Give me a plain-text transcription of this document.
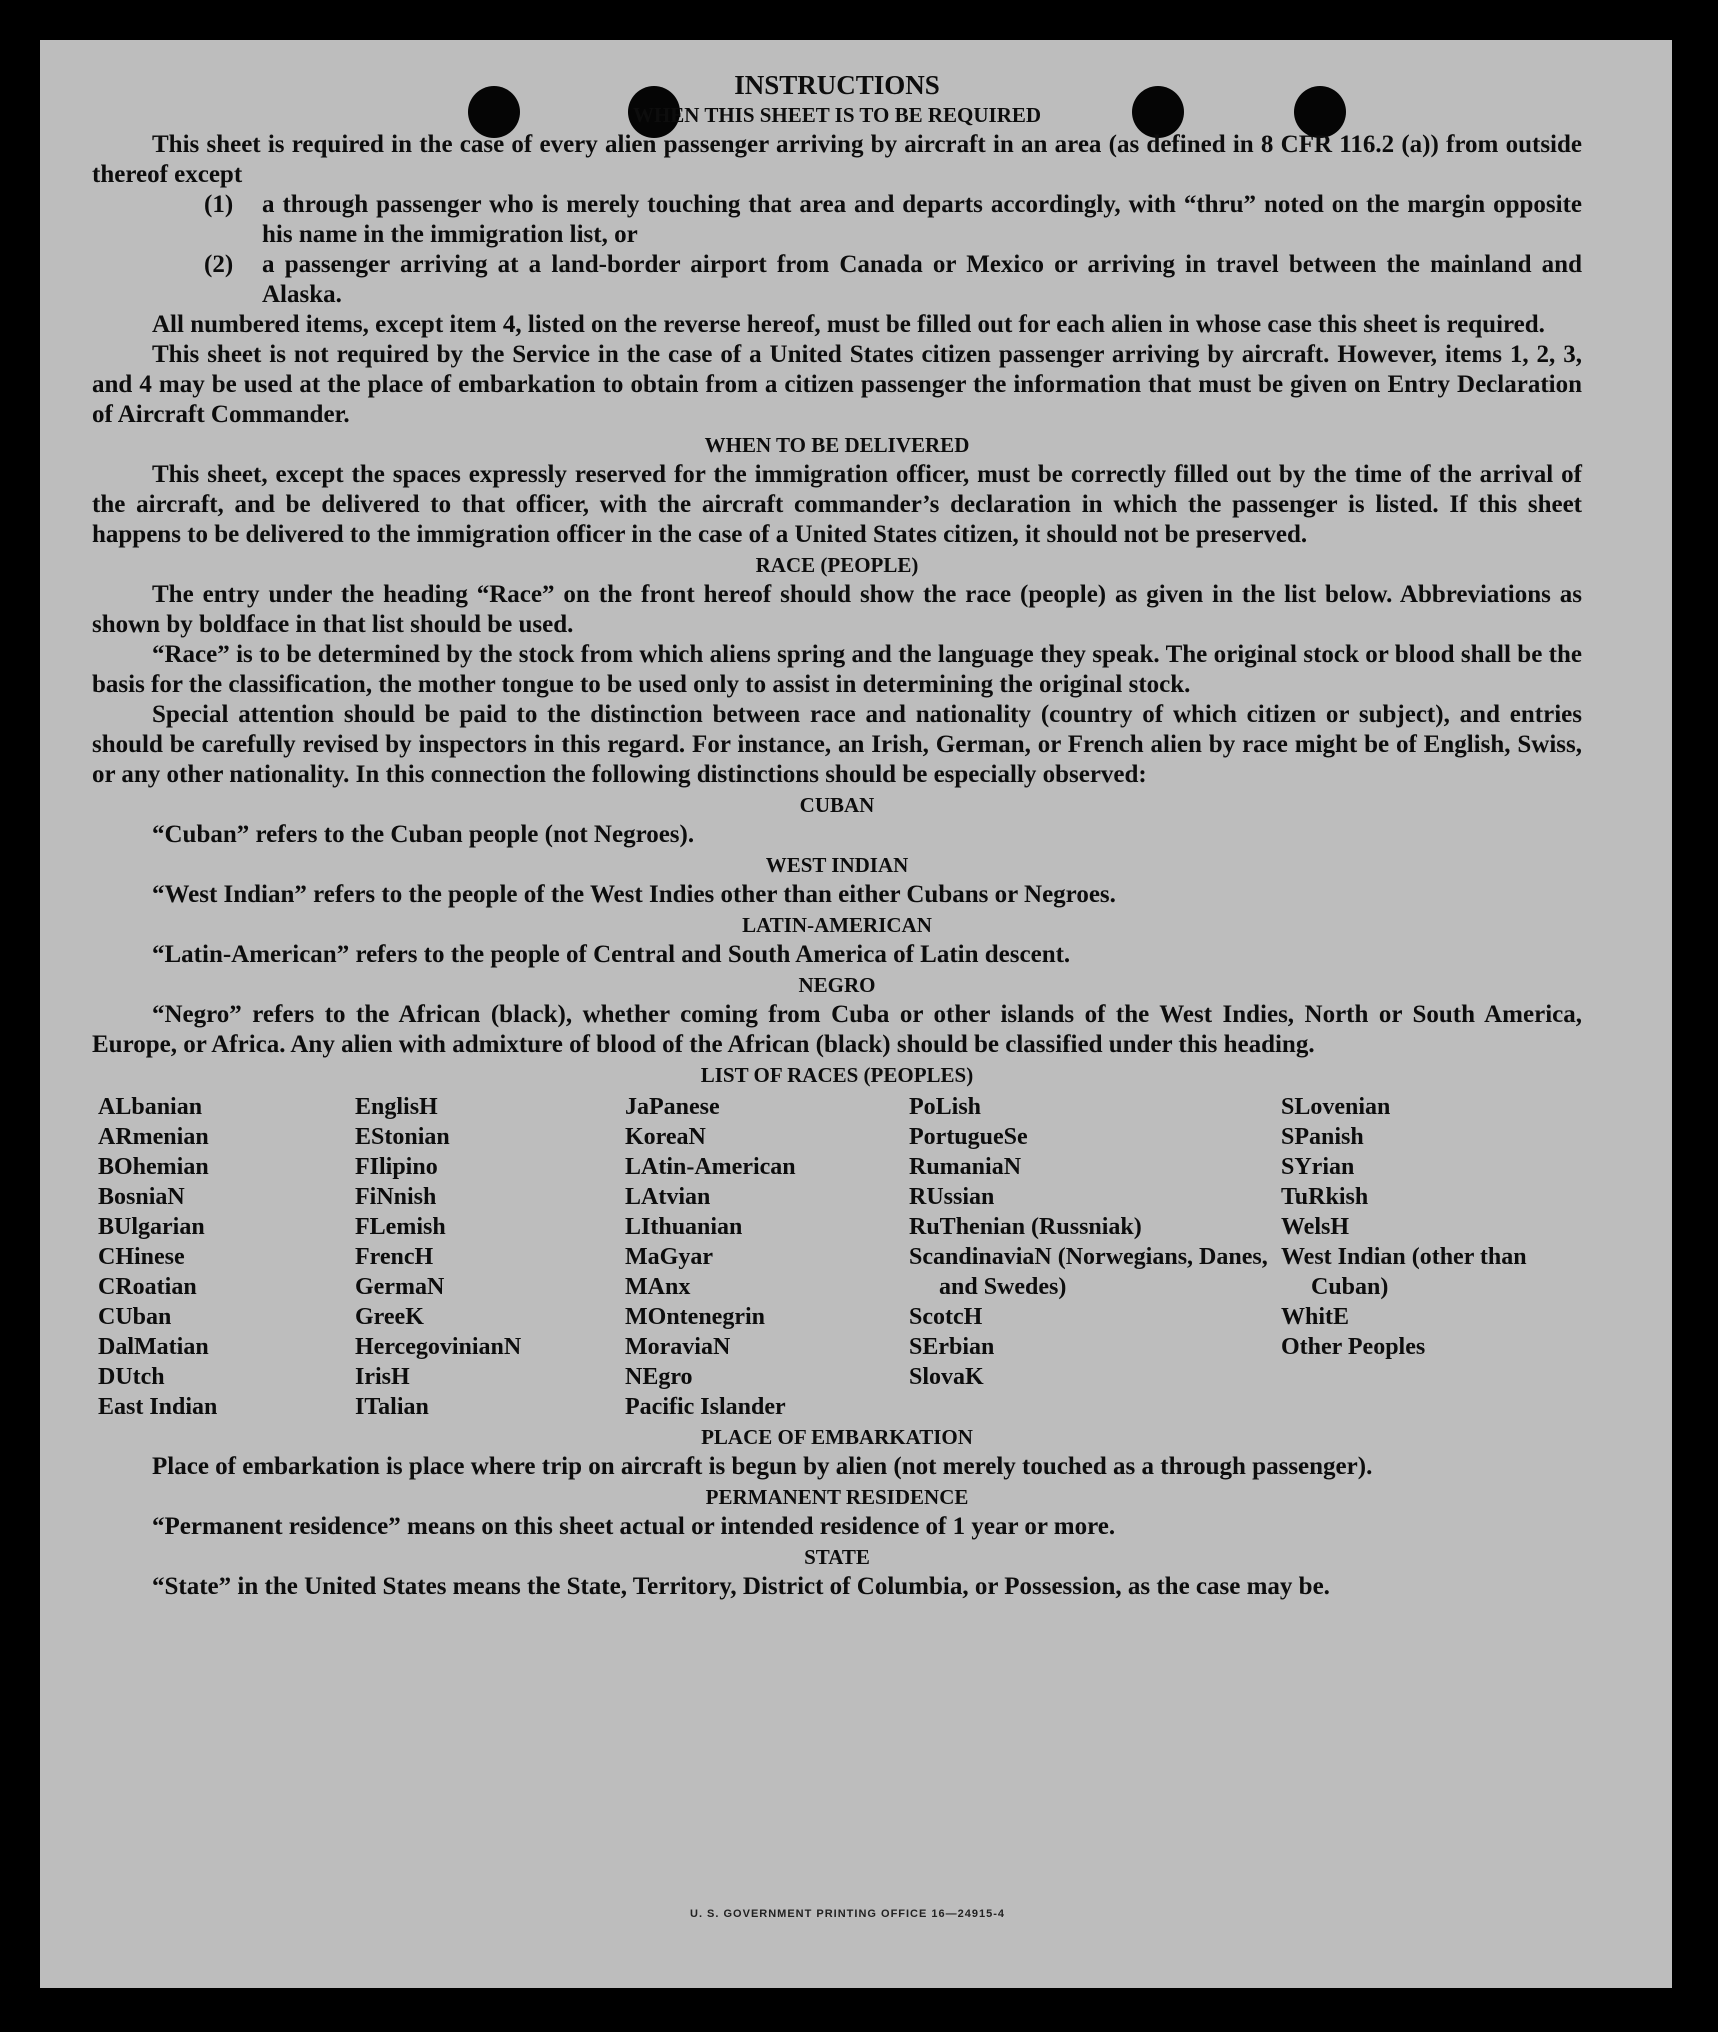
INSTRUCTIONS
WHEN THIS SHEET IS TO BE REQUIRED

This sheet is required in the case of every alien passenger arriving by aircraft in an area (as defined in 8 CFR 116.2 (a)) from outside thereof except

(1) a through passenger who is merely touching that area and departs accordingly, with “thru” noted on the margin opposite his name in the immigration list, or

(2) a passenger arriving at a land-border airport from Canada or Mexico or arriving in travel between the mainland and Alaska.

All numbered items, except item 4, listed on the reverse hereof, must be filled out for each alien in whose case this sheet is required.

This sheet is not required by the Service in the case of a United States citizen passenger arriving by aircraft. However, items 1, 2, 3, and 4 may be used at the place of embarkation to obtain from a citizen passenger the information that must be given on Entry Declaration of Aircraft Commander.

WHEN TO BE DELIVERED

This sheet, except the spaces expressly reserved for the immigration officer, must be correctly filled out by the time of the arrival of the aircraft, and be delivered to that officer, with the aircraft commander’s declaration in which the passenger is listed. If this sheet happens to be delivered to the immigration officer in the case of a United States citizen, it should not be preserved.

RACE (PEOPLE)

The entry under the heading “Race” on the front hereof should show the race (people) as given in the list below. Abbreviations as shown by boldface in that list should be used.

“Race” is to be determined by the stock from which aliens spring and the language they speak. The original stock or blood shall be the basis for the classification, the mother tongue to be used only to assist in determining the original stock.

Special attention should be paid to the distinction between race and nationality (country of which citizen or subject), and entries should be carefully revised by inspectors in this regard. For instance, an Irish, German, or French alien by race might be of English, Swiss, or any other nationality. In this connection the following distinctions should be especially observed:

CUBAN

“Cuban” refers to the Cuban people (not Negroes).

WEST INDIAN

“West Indian” refers to the people of the West Indies other than either Cubans or Negroes.

LATIN-AMERICAN

“Latin-American” refers to the people of Central and South America of Latin descent.

NEGRO

“Negro” refers to the African (black), whether coming from Cuba or other islands of the West Indies, North or South America, Europe, or Africa. Any alien with admixture of blood of the African (black) should be classified under this heading.

LIST OF RACES (PEOPLES)
ALbanian
ARmenian
BOhemian
BosniaN
BUlgarian
CHinese
CRoatian
CUban
DalMatian
DUtch
East Indian
EnglisH
EStonian
FIlipino
FiNnish
FLemish
FrencH
GermaN
GreeK
HercegovinianN
IrisH
ITalian
JaPanese
KoreaN
LAtin-American
LAtvian
LIthuanian
MaGyar
MAnx
MOntenegrin
MoraviaN
NEgro
Pacific Islander
PoLish
PortugueSe
RumaniaN
RUssian
RuThenian (Russniak)
ScandinaviaN (Norwegians, Danes, and Swedes)
ScotcH
SErbian
SlovaK
SLovenian
SPanish
SYrian
TuRkish
WelsH
West Indian (other than Cuban)
WhitE
Other Peoples
PLACE OF EMBARKATION

Place of embarkation is place where trip on aircraft is begun by alien (not merely touched as a through passenger).

PERMANENT RESIDENCE

“Permanent residence” means on this sheet actual or intended residence of 1 year or more.

STATE

“State” in the United States means the State, Territory, District of Columbia, or Possession, as the case may be.

U. S. GOVERNMENT PRINTING OFFICE 16—24915-4
